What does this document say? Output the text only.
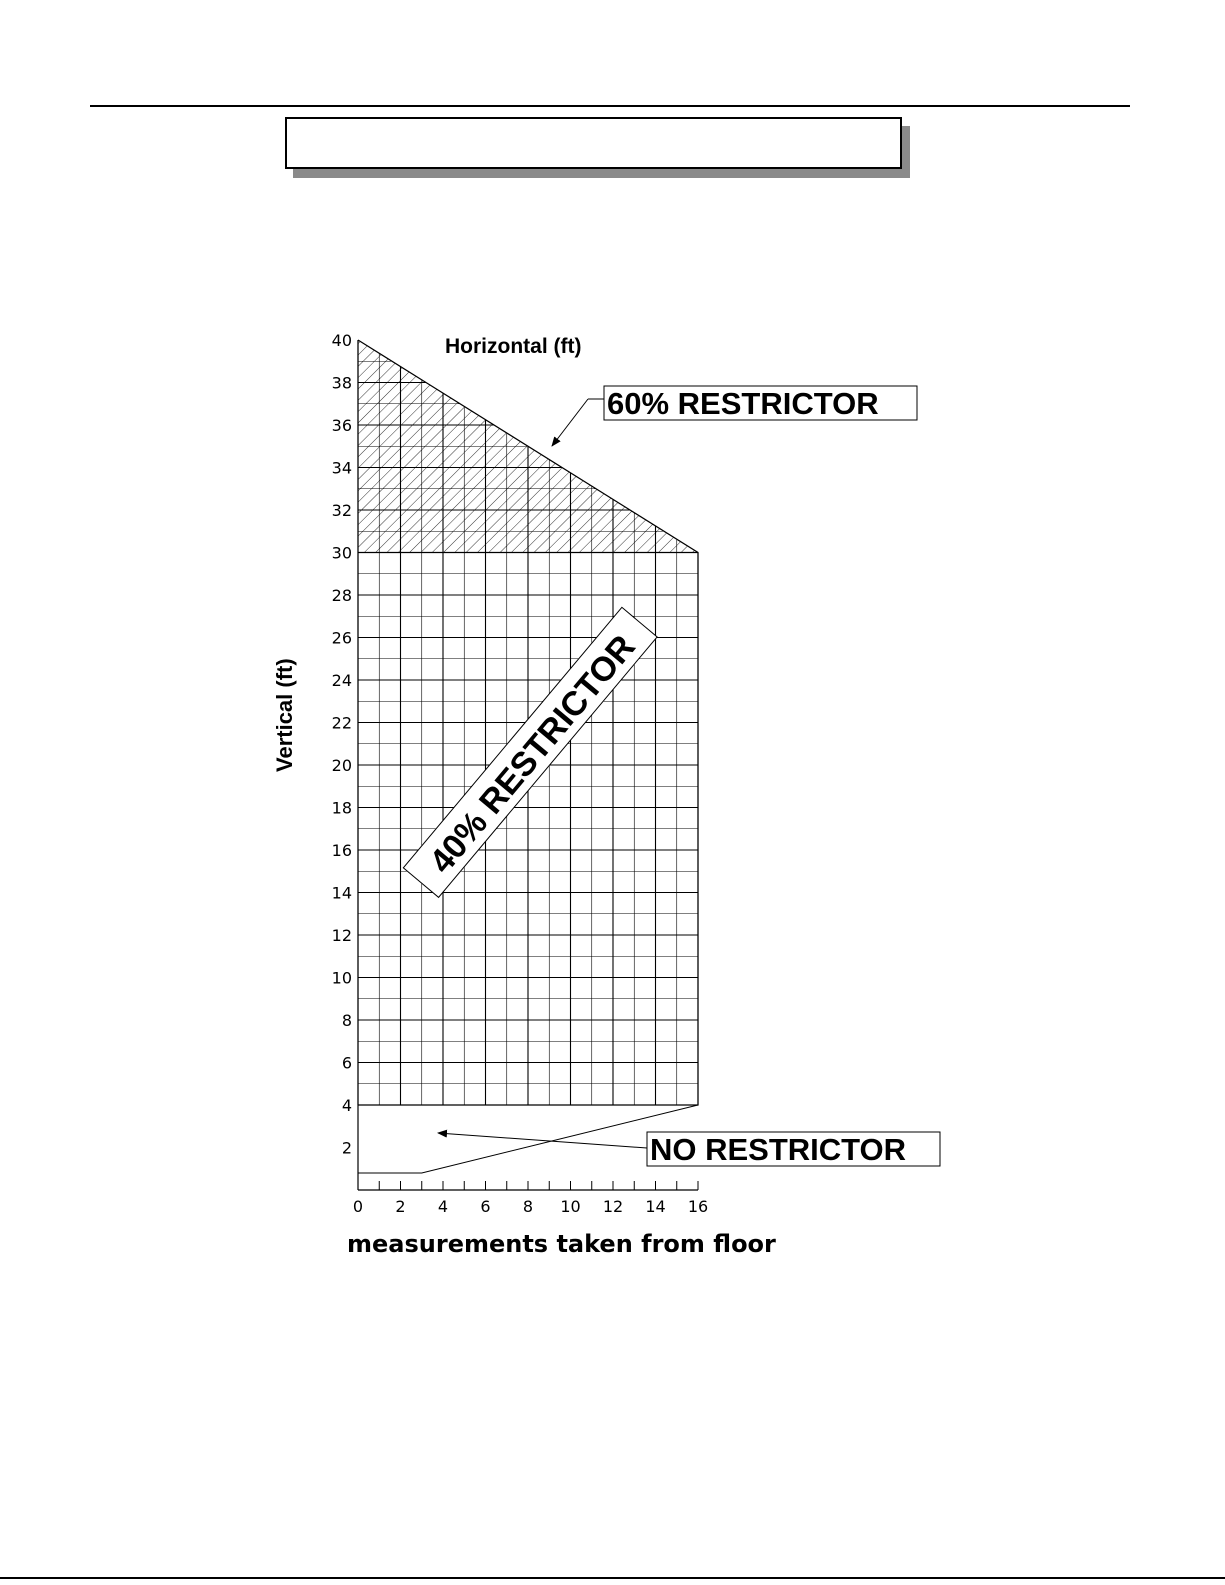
0 2 4 6 8 10 12 14 16
2
4
6
8
10
12
14
16
18
20
22
24
26
28
30
32
34
36
38
40	Horizontal (ft)
Vertical (ft)
measurements taken from floor
60% RESTRICTOR
40% RESTRICTOR
NO RESTRICTOR
